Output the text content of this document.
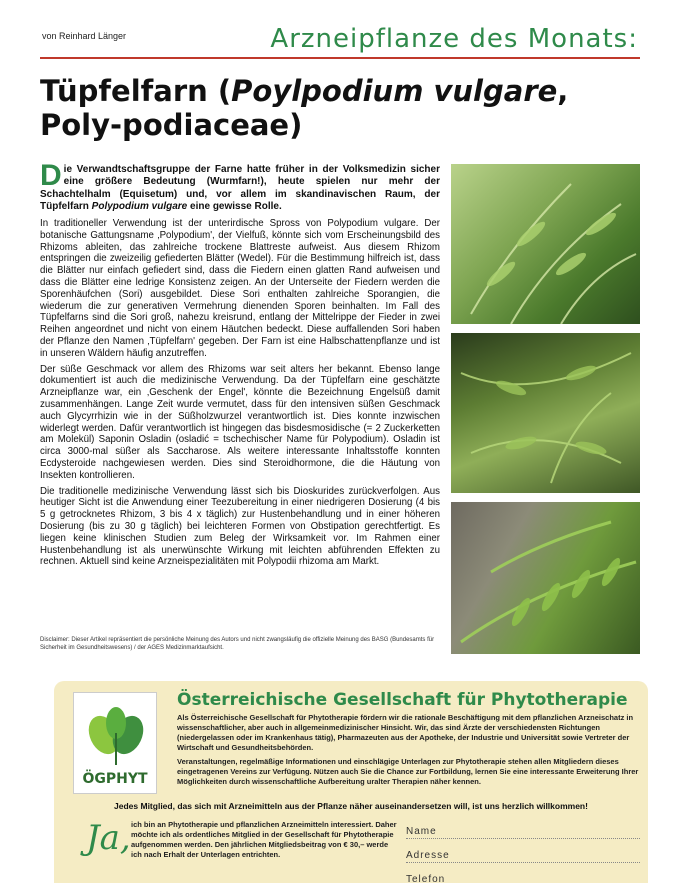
von Reinhard Länger	Arzneipflanze des Monats:
Tüpfelfarn (Poylpodium vulgare, Poly-podiaceae)
Die Verwandtschaftsgruppe der Farne hatte früher in der Volksmedizin sicher eine größere Bedeutung (Wurmfarn!), heute spielen nur mehr der Schachtelhalm (Equisetum) und, vor allem im skandinavischen Raum, der Tüpfelfarn Polypodium vulgare eine gewisse Rolle.

In traditioneller Verwendung ist der unterirdische Spross von Polypodium vulgare. Der botanische Gattungsname ‚Polypodium', der Vielfuß, könnte sich vom Erscheinungsbild des Rhizoms ableiten, das zahlreiche trockene Blattreste aufweist. Aus diesem Rhizom entspringen die zweizeilig gefiederten Blätter (Wedel). Für die Bestimmung hilfreich ist, dass die Blätter nur einfach gefiedert sind, dass die Fiedern einen glatten Rand aufweisen und dass die Blätter eine ledrige Konsistenz zeigen. An der Unterseite der Fiedern werden die Sporenhäufchen (Sori) ausgebildet. Diese Sori enthalten zahlreiche Sporangien, die wiederum die zur generativen Vermehrung dienenden Sporen beinhalten. Im Fall des Tüpfelfarns sind die Sori groß, nahezu kreisrund, entlang der Mittelrippe der Fieder in zwei Reihen angeordnet und nicht von einem Häutchen bedeckt. Diese auffallenden Sori haben der Pflanze den Namen ‚Tüpfelfarn' gegeben. Der Farn ist eine Halbschattenpflanze und ist in unseren Wäldern häufig anzutreffen.

Der süße Geschmack vor allem des Rhizoms war seit alters her bekannt. Ebenso lange dokumentiert ist auch die medizinische Verwendung. Da der Tüpfelfarn eine geschätzte Arzneipflanze war, ein ‚Geschenk der Engel', könnte die Bezeichnung Engelsüß damit zusammenhängen. Lange Zeit wurde vermutet, dass für den intensiven süßen Geschmack auch Glycyrrhizin wie in der Süßholzwurzel verantwortlich ist. Dies konnte inzwischen widerlegt werden. Dafür verantwortlich ist hingegen das bisdesmosidische (= 2 Zuckerketten am Molekül) Saponin Osladin (osladić = tschechischer Name für Polypodium). Osladin ist circa 3000-mal süßer als Saccharose. Als weitere interessante Inhaltsstoffe konnten Ecdysteroide nachgewiesen werden. Dies sind Steroidhormone, die die Häutung von Insekten kontrollieren.

Die traditionelle medizinische Verwendung lässt sich bis Dioskurides zurückverfolgen. Aus heutiger Sicht ist die Anwendung einer Teezubereitung in einer niedrigeren Dosierung (4 bis 5 g getrocknetes Rhizom, 3 bis 4 x täglich) zur Hustenbehandlung und in einer höheren Dosierung (bis zu 30 g täglich) bei leichteren Formen von Obstipation gerechtfertigt. Es liegen keine klinischen Studien zum Beleg der Wirksamkeit vor. Im Rahmen einer Hustenbehandlung ist als unerwünschte Wirkung mit leichten abführenden Effekten zu rechnen. Aktuell sind keine Arzneispezialitäten mit Polypodii rhizoma am Markt.

Disclaimer: Dieser Artikel repräsentiert die persönliche Meinung des Autors und nicht zwangsläufig die offizielle Meinung des BASG (Bundesamts für Sicherheit im Gesundheitswesens) / der AGES Medizinmarktaufsicht.
ÖGPHYT
Österreichische Gesellschaft für Phytotherapie

Als Österreichische Gesellschaft für Phytotherapie fördern wir die rationale Beschäftigung mit dem pflanzlichen Arzneischatz in wissenschaftlicher, aber auch in allgemeinmedizinischer Hinsicht. Wir, das sind Ärzte der verschiedensten Richtungen (niedergelassen oder im Krankenhaus tätig), Pharmazeuten aus der Apotheke, der Industrie und Universität sowie Vertreter der Wirtschaft und Gesundheitsbehörden.

Veranstaltungen, regelmäßige Informationen und einschlägige Unterlagen zur Phytotherapie stehen allen Mitgliedern dieses eingetragenen Vereins zur Verfügung. Nützen auch Sie die Chance zur Fortbildung, lernen Sie eine interessante Erweiterung Ihrer Möglichkeiten durch wissenschaftliche Aufbereitung uralter Therapien näher kennen.

Jedes Mitglied, das sich mit Arzneimitteln aus der Pflanze näher auseinandersetzen will, ist uns herzlich willkommen!
Ja, ich bin an Phytotherapie und pflanzlichen Arzneimitteln interessiert. Daher möchte ich als ordentliches Mitglied in der Gesellschaft für Phytotherapie aufgenommen werden. Den jährlichen Mitgliedsbeitrag von € 30,– werde ich nach Erhalt der Unterlagen entrichten.
Name
Adresse
Telefon
